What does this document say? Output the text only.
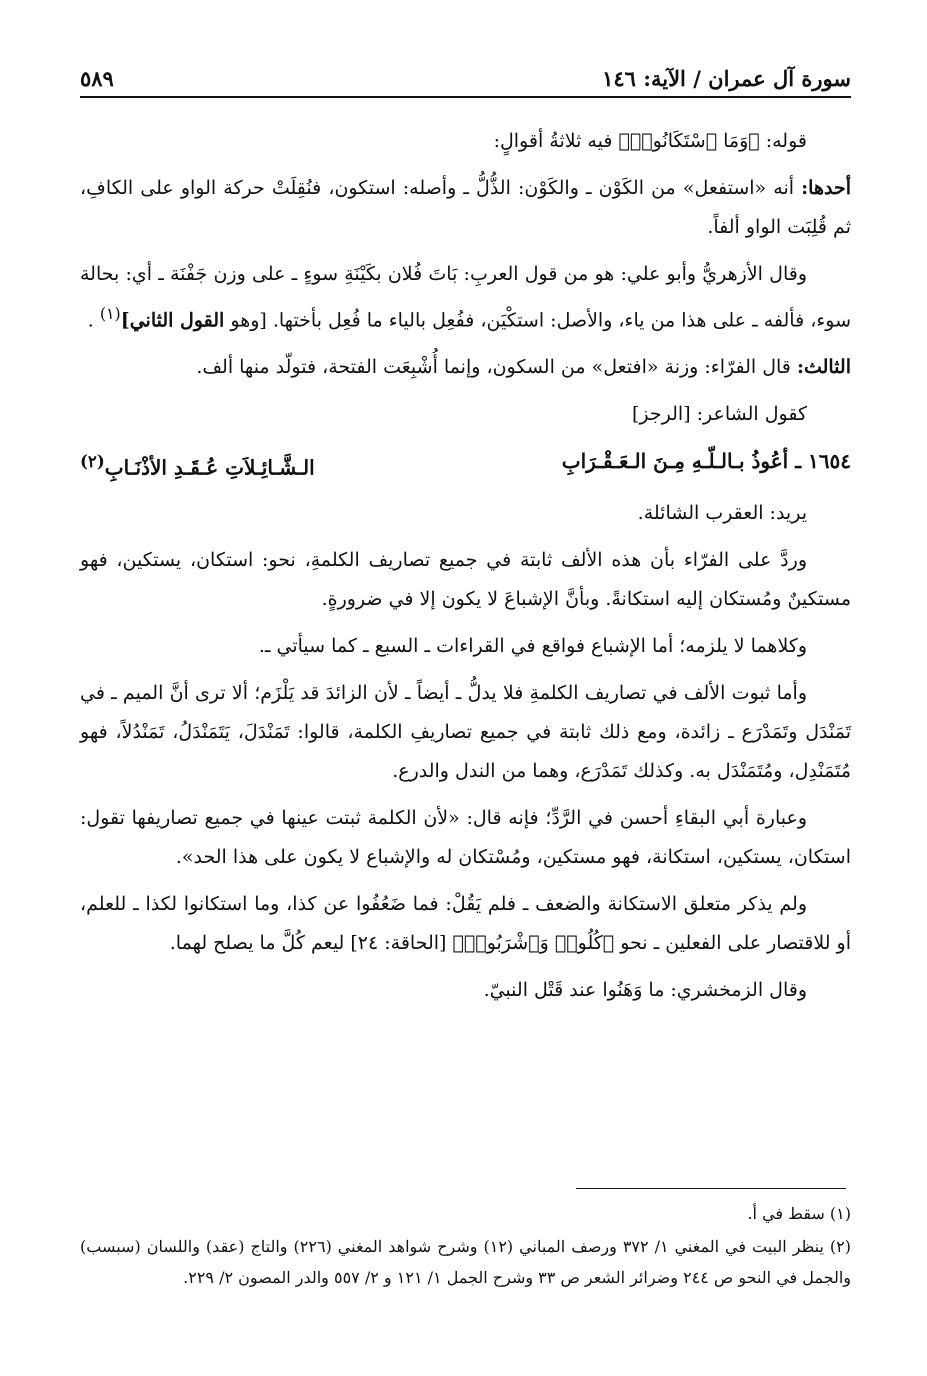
سورة آل عمران / الآية: ١٤٦
٥٨٩

قوله: ﴿وَمَا ٱسْتَكَانُوا۟﴾ فيه ثلاثةُ أقوالٍ:

أحدها: أنه «استفعل» من الكَوْن ـ والكَوْن: الذُّلُّ ـ وأصله: استكون، فنُقِلَتْ حركة الواو على الكافِ، ثم قُلِبَت الواو ألفاً.

وقال الأزهريُّ وأبو علي: هو من قول العربِ: بَاتَ فُلان بكَيْنَةِ سوءٍ ـ على وزن جَفْنَة ـ أي: بحالة سوء، فألفه ـ على هذا من ياء، والأصل: استكْيَن، ففُعِل بالياء ما فُعِل بأختها. [وهو القول الثاني]$^{(١)}$ .

الثالث: قال الفرّاء: وزنة «افتعل» من السكون، وإنما أُشْبِعَت الفتحة، فتولّد منها ألف.

كقول الشاعر: [الرجز]

١٦٥٤ ـ أعُوذُ بـالـلّـهِ مِـنَ الـعَـقْـرَابِ
الـشَّـائِـلاَتِ عُـقَـدِ الأذْنَـابِ$^{(٢)}$

يريد: العقرب الشائلة.

وردَّ على الفرّاء بأن هذه الألف ثابتة في جميع تصاريف الكلمةِ، نحو: استكان، يستكين، فهو مستكينٌ ومُستكان إليه استكانةً. وبأنَّ الإشباعَ لا يكون إلا في ضرورةٍ.

وكلاهما لا يلزمه؛ أما الإشباع فواقع في القراءات ـ السبع ـ كما سيأتي ـ.

وأما ثبوت الألف في تصاريف الكلمةِ فلا يدلُّ ـ أيضاً ـ لأن الزائدَ قد يَلْزَم؛ ألا ترى أنَّ الميم ـ في تَمَنْدَل وتَمَدْرَع ـ زائدة، ومع ذلك ثابتة في جميع تصاريفِ الكلمة، قالوا: تَمَنْدَلَ، يَتَمَنْدَلُ، تَمَنْدُلاً، فهو مُتَمَنْدِل، ومُتَمَنْدَل به. وكذلك تَمَدْرَع، وهما من الندل والدرع.

وعبارة أبي البقاءِ أحسن في الرَّدِّ؛ فإنه قال: «لأن الكلمة ثبتت عينها في جميع تصاريفها تقول: استكان، يستكين، استكانة، فهو مستكين، ومُسْتكان له والإشباع لا يكون على هذا الحد».

ولم يذكر متعلق الاستكانة والضعف ـ فلم يَقُلْ: فما ضَعُفُوا عن كذا، وما استكانوا لكذا ـ للعلم، أو للاقتصار على الفعلين ـ نحو ﴿كُلُوا۟ وَٱشْرَبُوا۟﴾ [الحاقة: ٢٤] ليعم كُلَّ ما يصلح لهما.

وقال الزمخشري: ما وَهَنُوا عند قَتْل النبيّ.

(١) سقط في أ.

(٢) ينظر البيت في المغني ١/ ٣٧٢ ورصف المباني (١٢) وشرح شواهد المغني (٢٢٦) والتاج (عقد) واللسان (سبسب) والجمل في النحو ص ٢٤٤ وضرائر الشعر ص ٣٣ وشرح الجمل ١/ ١٢١ و ٢/ ٥٥٧ والدر المصون ٢/ ٢٢٩.
